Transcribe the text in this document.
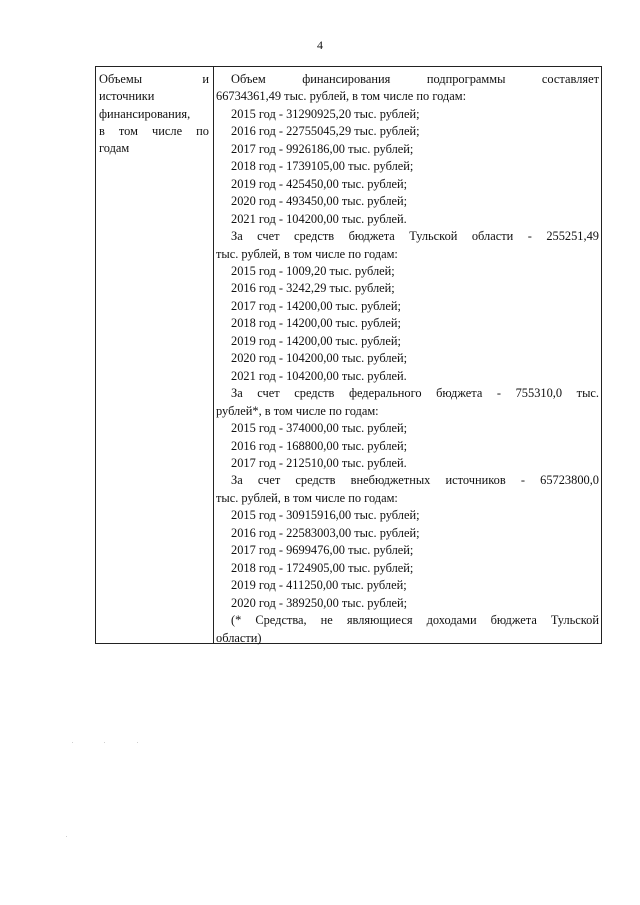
4
Объемы	и
источники
финансирования,
в том числе по
годам
Объем финансирования подпрограммы составляет
66734361,49 тыс. рублей, в том числе по годам:
2015 год - 31290925,20 тыс. рублей;
2016 год - 22755045,29 тыс. рублей;
2017 год - 9926186,00 тыс. рублей;
2018 год - 1739105,00 тыс. рублей;
2019 год - 425450,00 тыс. рублей;
2020 год - 493450,00 тыс. рублей;
2021 год - 104200,00 тыс. рублей.
За счет средств бюджета Тульской области - 255251,49
тыс. рублей, в том числе по годам:
2015 год - 1009,20 тыс. рублей;
2016 год - 3242,29 тыс. рублей;
2017 год - 14200,00 тыс. рублей;
2018 год - 14200,00 тыс. рублей;
2019 год - 14200,00 тыс. рублей;
2020 год - 104200,00 тыс. рублей;
2021 год - 104200,00 тыс. рублей.
За счет средств федерального бюджета - 755310,0 тыс.
рублей*, в том числе по годам:
2015 год - 374000,00 тыс. рублей;
2016 год - 168800,00 тыс. рублей;
2017 год - 212510,00 тыс. рублей.
За счет средств внебюджетных источников - 65723800,0
тыс. рублей, в том числе по годам:
2015 год - 30915916,00 тыс. рублей;
2016 год - 22583003,00 тыс. рублей;
2017 год - 9699476,00 тыс. рублей;
2018 год - 1724905,00 тыс. рублей;
2019 год - 411250,00 тыс. рублей;
2020 год - 389250,00 тыс. рублей;
(* Средства, не являющиеся доходами бюджета Тульской
области)
